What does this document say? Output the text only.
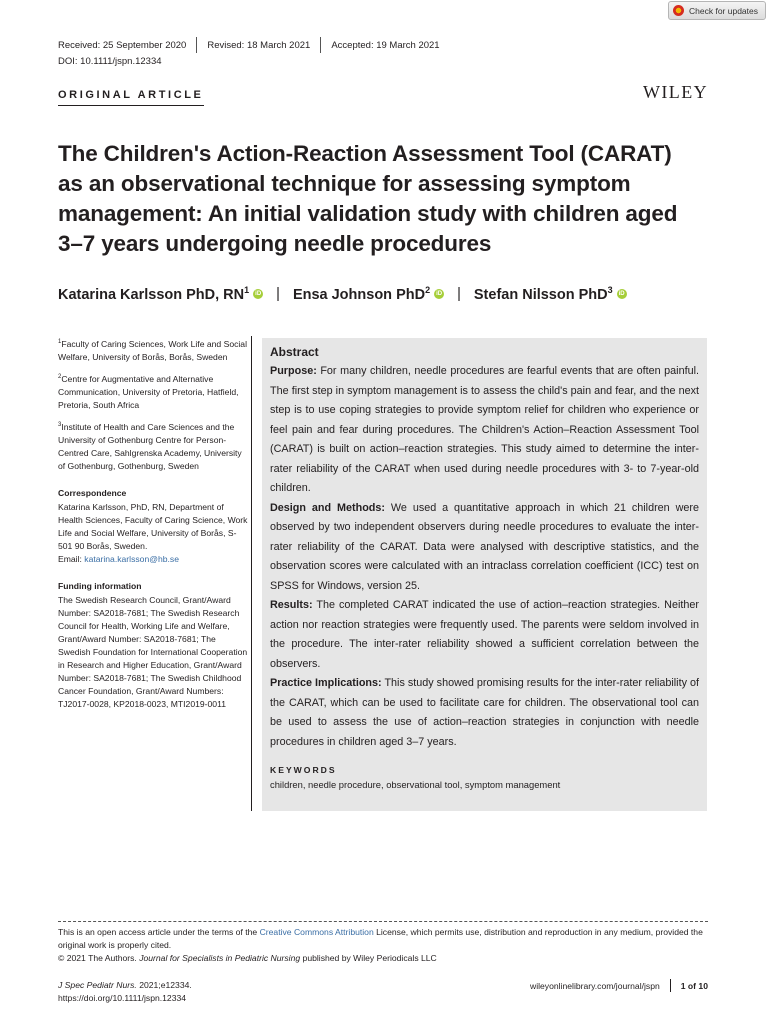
Check for updates
Received: 25 September 2020 Revised: 18 March 2021 Accepted: 19 March 2021
DOI: 10.1111/jspn.12334
ORIGINAL ARTICLE	WILEY
The Children's Action-Reaction Assessment Tool (CARAT) as an observational technique for assessing symptom management: An initial validation study with children aged 3–7 years undergoing needle procedures
Katarina Karlsson PhD, $RN^1$	iD | Ensa Johnson PhD$^2$	iD | Stefan Nilsson PhD$^3$	iD

$^1$Faculty of Caring Sciences, Work Life and Social Welfare, University of Borås, Borås, Sweden

$^2$Centre for Augmentative and Alternative Communication, University of Pretoria, Hatfield, Pretoria, South Africa

$^3$Institute of Health and Care Sciences and the University of Gothenburg Centre for Person-Centred Care, Sahlgrenska Academy, University of Gothenburg, Gothenburg, Sweden

Correspondence

Katarina Karlsson, PhD, RN, Department of Health Sciences, Faculty of Caring Science, Work Life and Social Welfare, University of Borås, S-501 90 Borås, Sweden.
Email: katarina.karlsson@hb.se

Funding information

The Swedish Research Council, Grant/Award Number: SA2018-7681; The Swedish Research Council for Health, Working Life and Welfare, Grant/Award Number: SA2018-7681; The Swedish Foundation for International Cooperation in Research and Higher Education, Grant/Award Number: SA2018-7681; The Swedish Childhood Cancer Foundation, Grant/Award Numbers: TJ2017-0028, KP2018-0023, MTI2019-0011

Abstract

Purpose: For many children, needle procedures are fearful events that are often painful. The first step in symptom management is to assess the child's pain and fear, and the next step is to use coping strategies to provide symptom relief for children who experience or feel pain and fear during procedures. The Children's Action–Reaction Assessment Tool (CARAT) is built on action–reaction strategies. This study aimed to determine the inter-rater reliability of the CARAT when used during needle procedures with 3- to 7-year-old children.

Design and Methods: We used a quantitative approach in which 21 children were observed by two independent observers during needle procedures to evaluate the inter-rater reliability of the CARAT. Data were analysed with descriptive statistics, and the observation scores were calculated with an intraclass correlation coefficient (ICC) test on SPSS for Windows, version 25.

Results: The completed CARAT indicated the use of action–reaction strategies. Neither action nor reaction strategies were frequently used. The parents were seldom involved in the procedure. The inter-rater reliability showed a sufficient correlation between the observers.

Practice Implications: This study showed promising results for the inter-rater reliability of the CARAT, which can be used to facilitate care for children. The observational tool can be used to assess the use of action–reaction strategies in conjunction with needle procedures in children aged 3–7 years.

KEYWORDS
children, needle procedure, observational tool, symptom management

This is an open access article under the terms of the Creative Commons Attribution License, which permits use, distribution and reproduction in any medium, provided the original work is properly cited.

© 2021 The Authors. Journal for Specialists in Pediatric Nursing published by Wiley Periodicals LLC

J Spec Pediatr Nurs. 2021;e12334.
https://doi.org/10.1111/jspn.12334
wileyonlinelibrary.com/journal/jspn 1 of 10
